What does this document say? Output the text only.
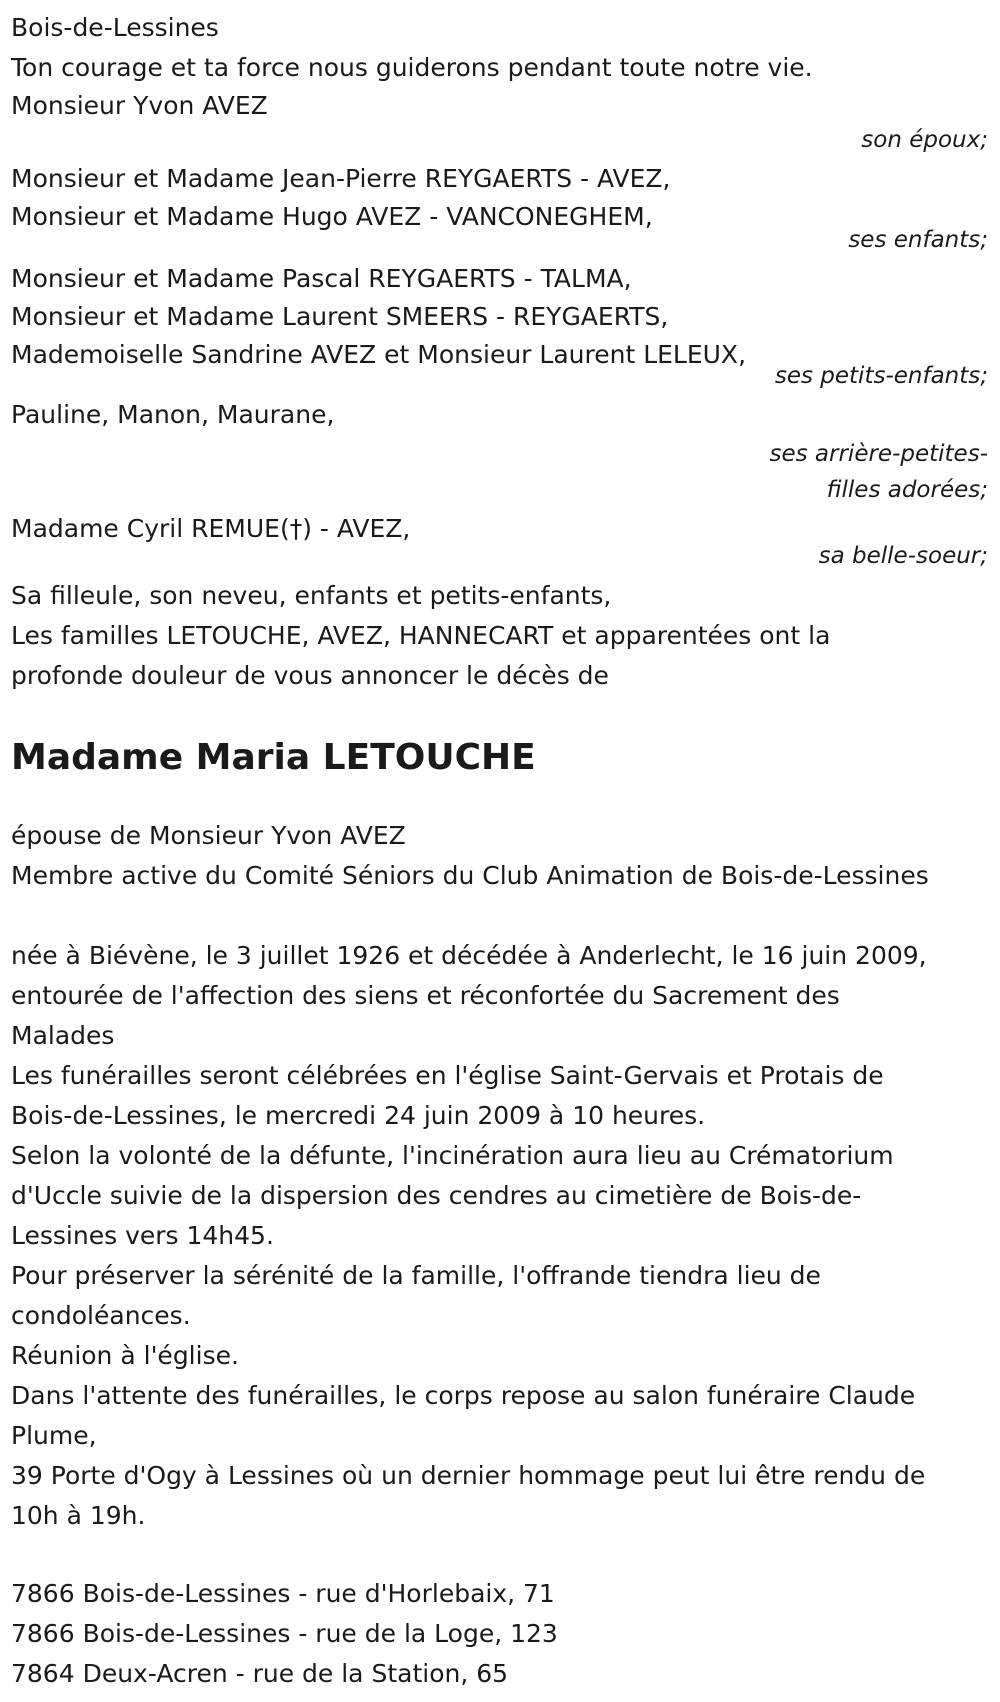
Bois-de-Lessines
Ton courage et ta force nous guiderons pendant toute notre vie.
Monsieur Yvon AVEZ
son époux;
Monsieur et Madame Jean-Pierre REYGAERTS - AVEZ,
Monsieur et Madame Hugo AVEZ - VANCONEGHEM,
ses enfants;
Monsieur et Madame Pascal REYGAERTS - TALMA,
Monsieur et Madame Laurent SMEERS - REYGAERTS,
Mademoiselle Sandrine AVEZ et Monsieur Laurent LELEUX,
ses petits-enfants;
Pauline, Manon, Maurane,
ses arrière-petites-
filles adorées;
Madame Cyril REMUE(†) - AVEZ,
sa belle-soeur;
Sa filleule, son neveu, enfants et petits-enfants,
Les familles LETOUCHE, AVEZ, HANNECART et apparentées ont la
profonde douleur de vous annoncer le décès de
Madame Maria LETOUCHE
épouse de Monsieur Yvon AVEZ
Membre active du Comité Séniors du Club Animation de Bois-de-Lessines
née à Biévène, le 3 juillet 1926 et décédée à Anderlecht, le 16 juin 2009,
entourée de l'affection des siens et réconfortée du Sacrement des
Malades
Les funérailles seront célébrées en l'église Saint-Gervais et Protais de
Bois-de-Lessines, le mercredi 24 juin 2009 à 10 heures.
Selon la volonté de la défunte, l'incinération aura lieu au Crématorium
d'Uccle suivie de la dispersion des cendres au cimetière de Bois-de-
Lessines vers 14h45.
Pour préserver la sérénité de la famille, l'offrande tiendra lieu de
condoléances.
Réunion à l'église.
Dans l'attente des funérailles, le corps repose au salon funéraire Claude
Plume,
39 Porte d'Ogy à Lessines où un dernier hommage peut lui être rendu de
10h à 19h.
7866 Bois-de-Lessines - rue d'Horlebaix, 71
7866 Bois-de-Lessines - rue de la Loge, 123
7864 Deux-Acren - rue de la Station, 65
